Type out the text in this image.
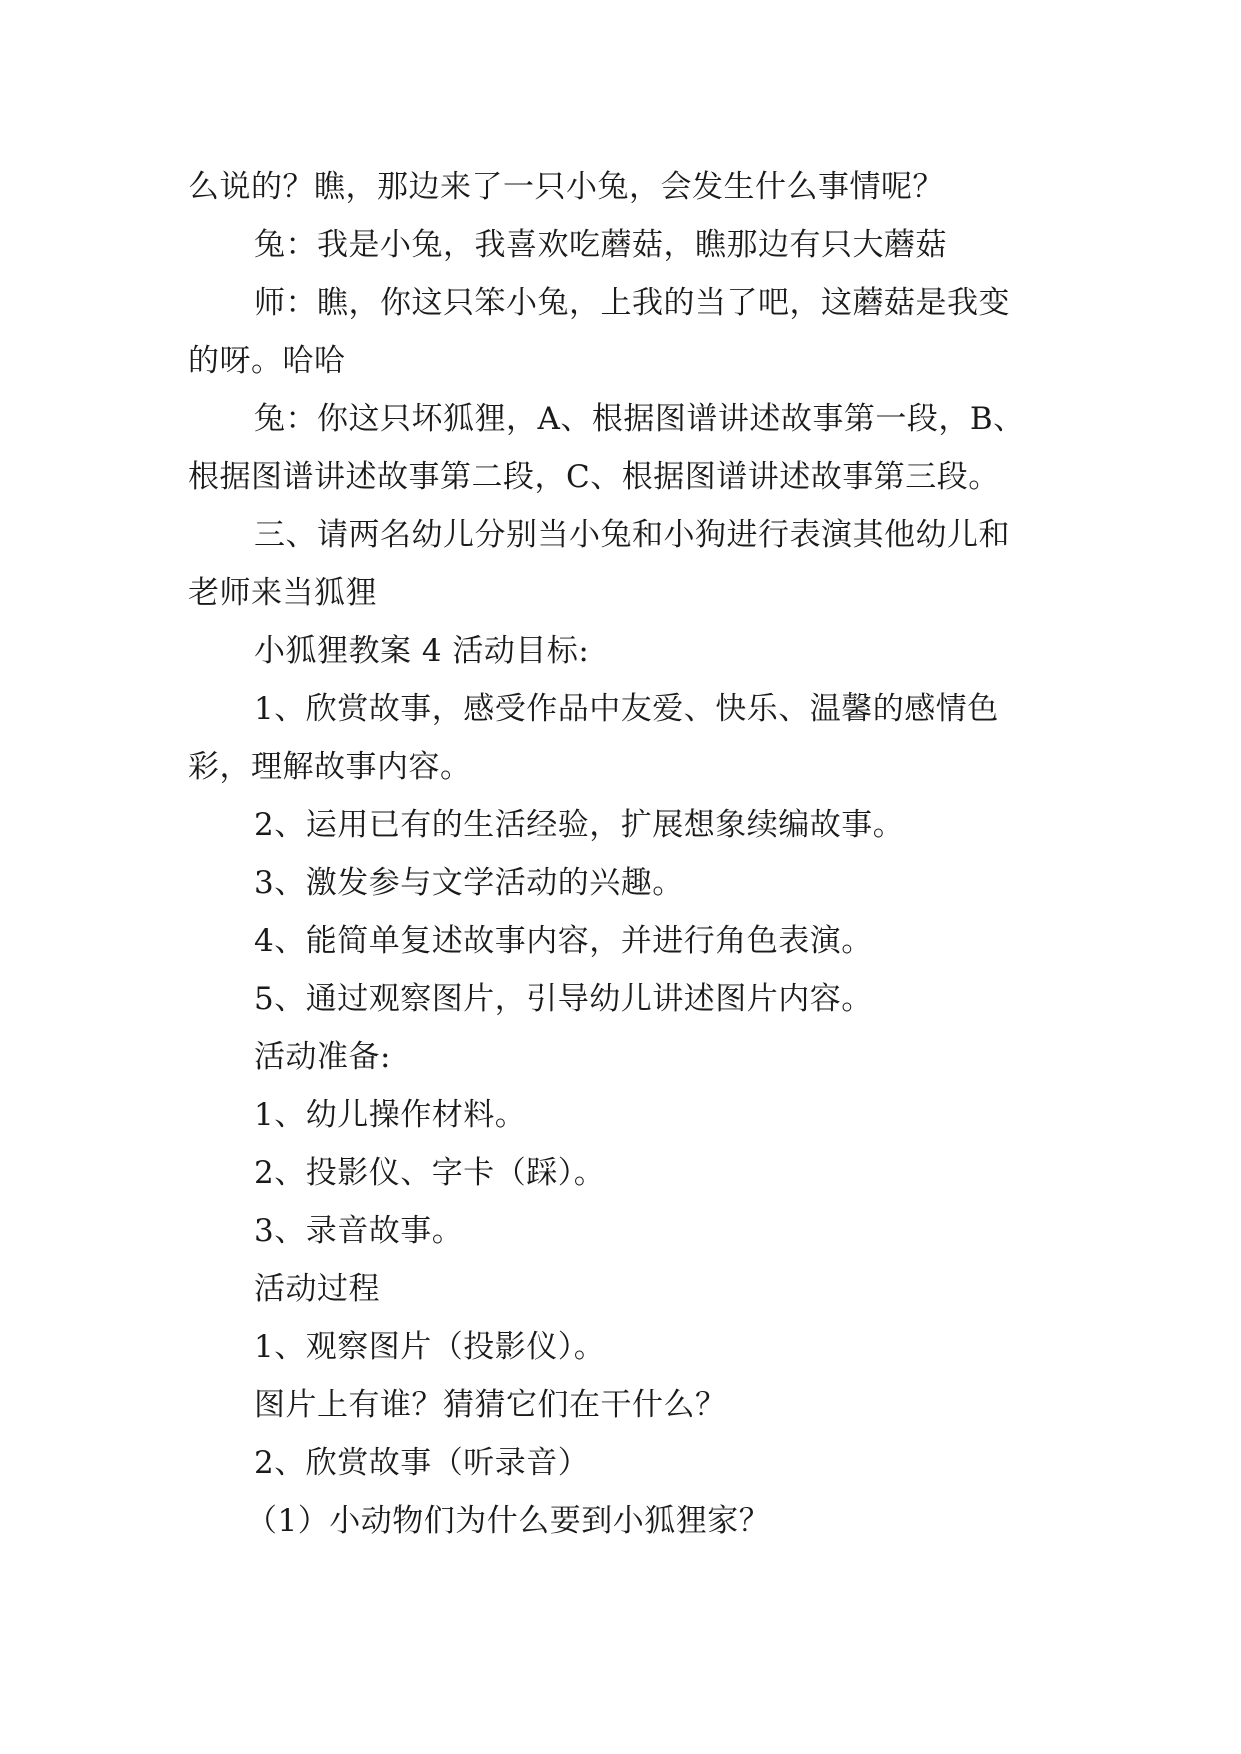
么说的？瞧，那边来了一只小兔，会发生什么事情呢？
兔：我是小兔，我喜欢吃蘑菇，瞧那边有只大蘑菇
师：瞧，你这只笨小兔，上我的当了吧，这蘑菇是我变
的呀。哈哈
兔：你这只坏狐狸，A、根据图谱讲述故事第一段，B、
根据图谱讲述故事第二段，C、根据图谱讲述故事第三段。
三、请两名幼儿分别当小兔和小狗进行表演其他幼儿和
老师来当狐狸
小狐狸教案 4 活动目标:
1、欣赏故事，感受作品中友爱、快乐、温馨的感情色
彩，理解故事内容。
2、运用已有的生活经验，扩展想象续编故事。
3、激发参与文学活动的兴趣。
4、能简单复述故事内容，并进行角色表演。
5、通过观察图片，引导幼儿讲述图片内容。
活动准备:
1、幼儿操作材料。
2、投影仪、字卡（踩）。
3、录音故事。
活动过程
1、观察图片（投影仪）。
图片上有谁？猜猜它们在干什么？
2、欣赏故事（听录音）
（1）小动物们为什么要到小狐狸家？
